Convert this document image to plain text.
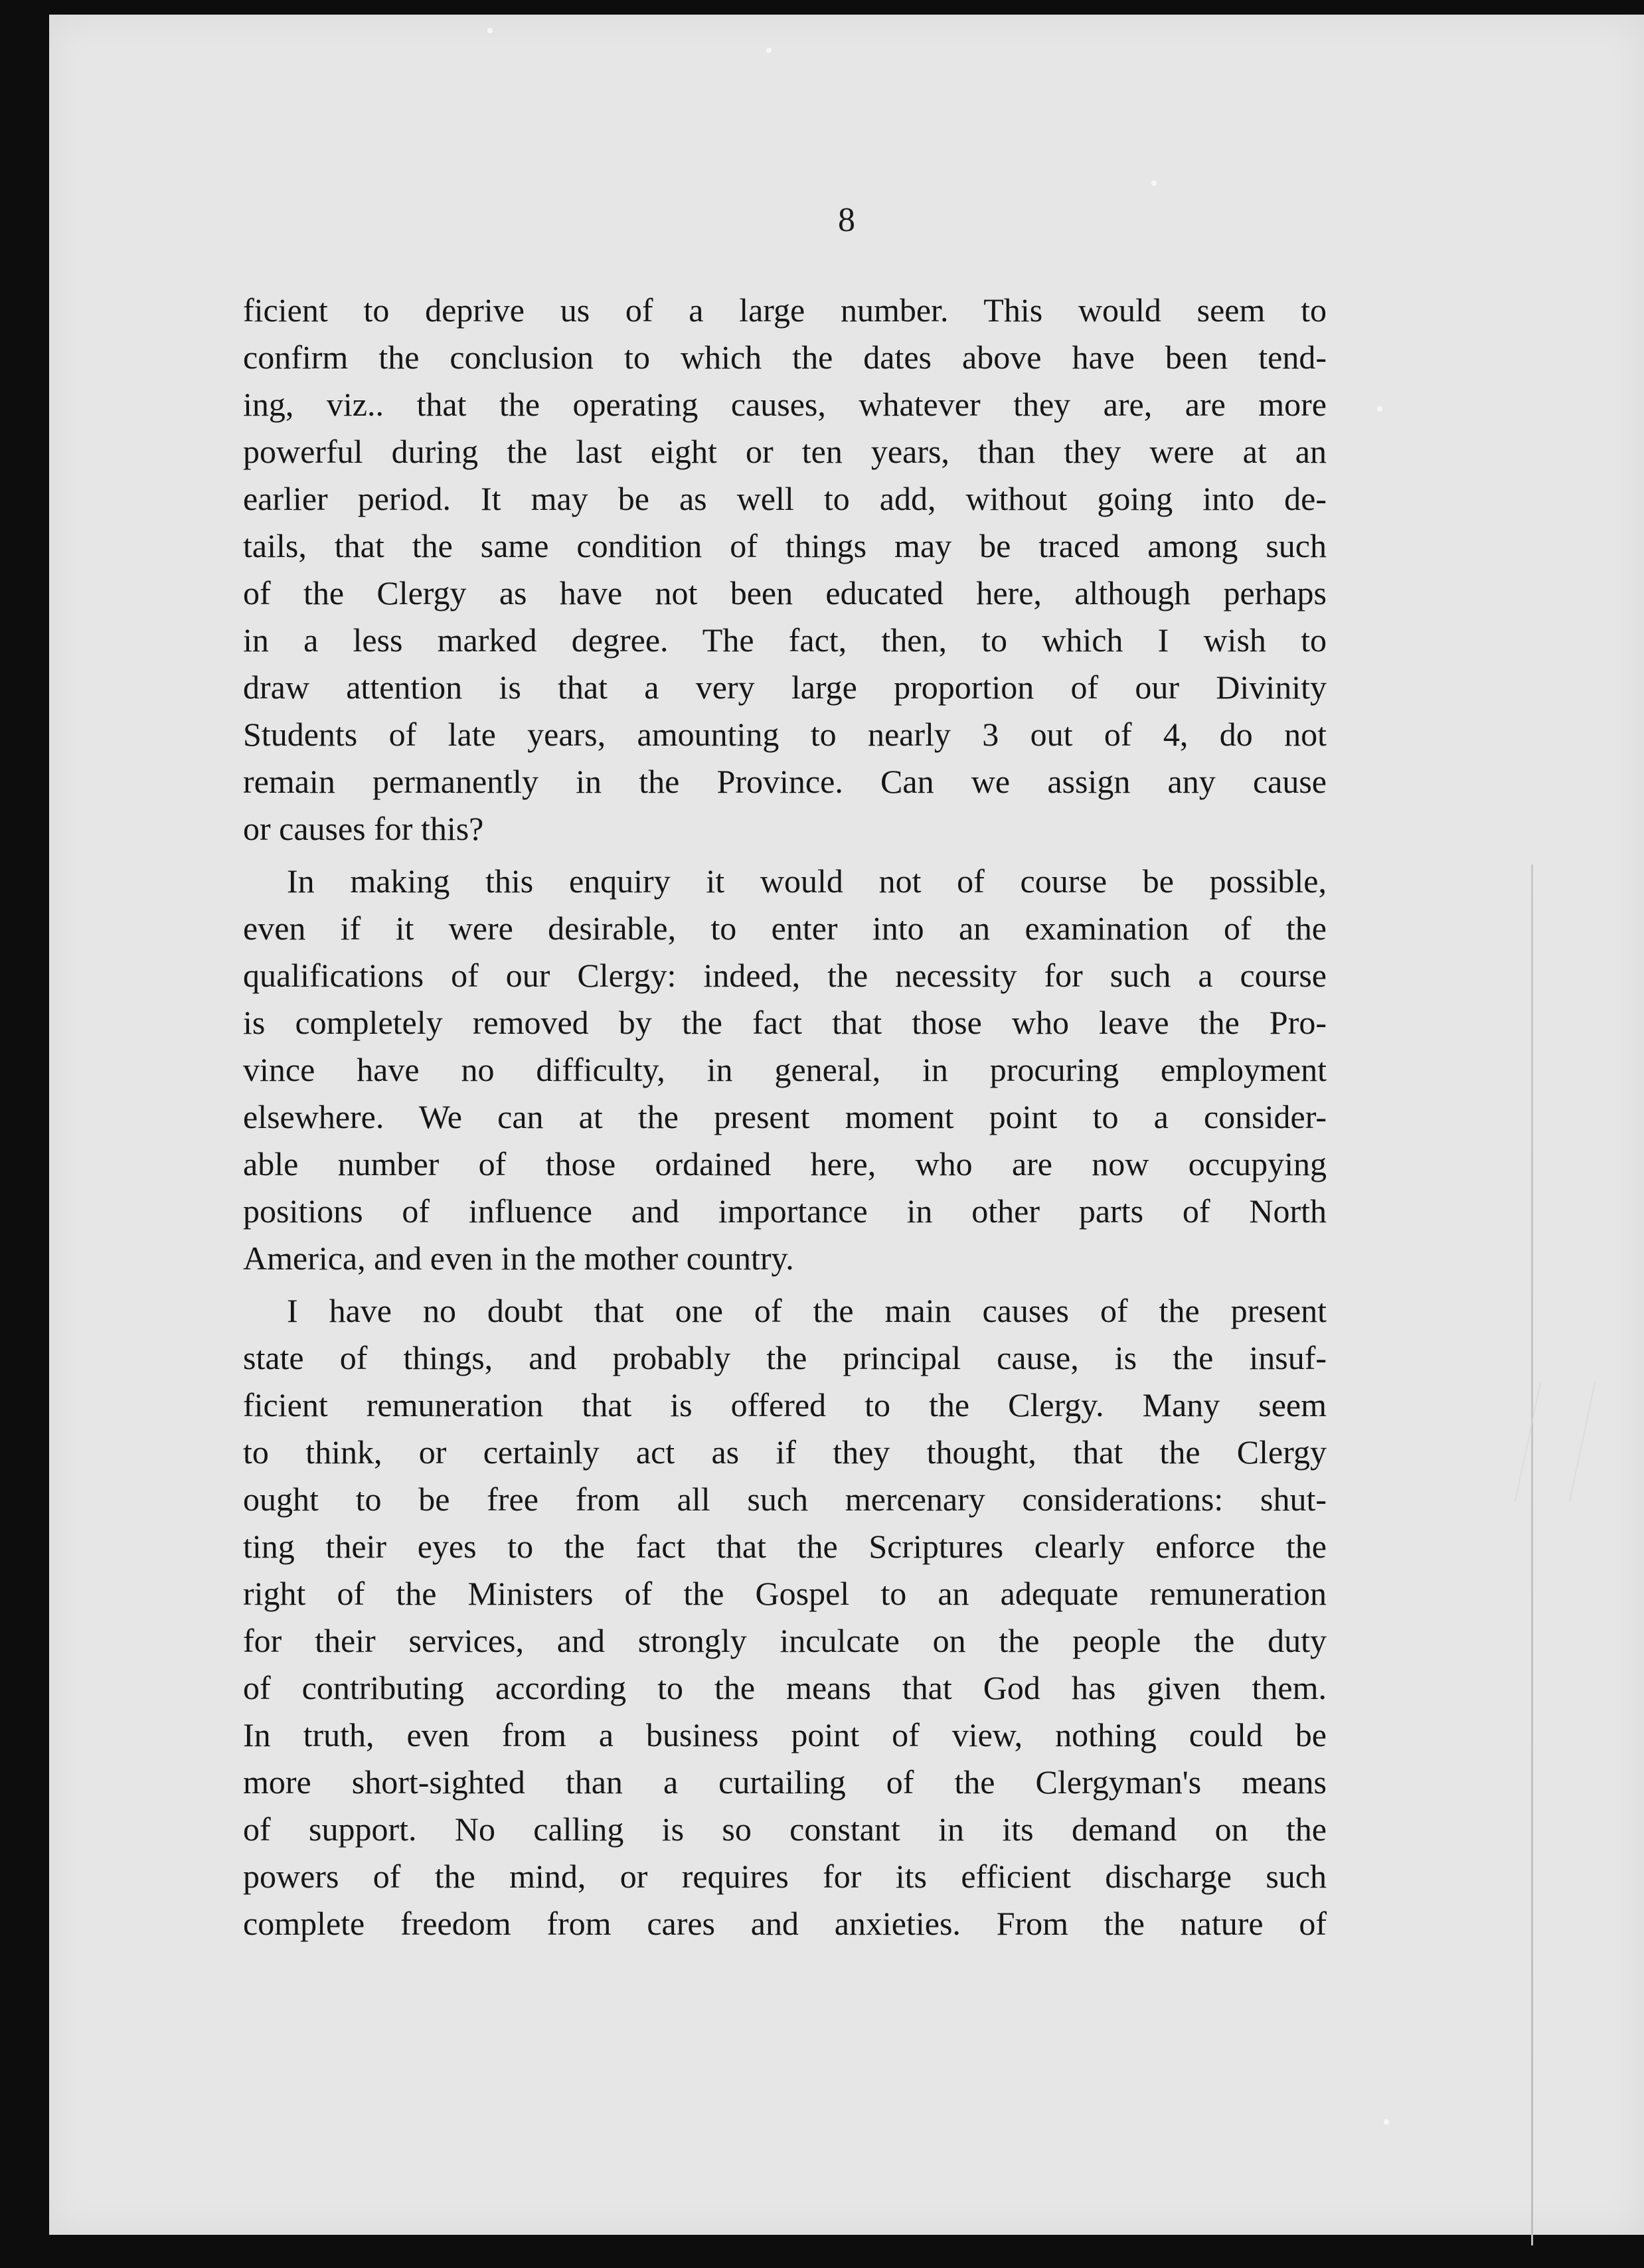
8
ficient to deprive us of a large number. This would seem to
confirm the conclusion to which the dates above have been tend-
ing, viz.. that the operating causes, whatever they are, are more
powerful during the last eight or ten years, than they were at an
earlier period. It may be as well to add, without going into de-
tails, that the same condition of things may be traced among such
of the Clergy as have not been educated here, although perhaps
in a less marked degree. The fact, then, to which I wish to
draw attention is that a very large proportion of our Divinity
Students of late years, amounting to nearly 3 out of 4, do not
remain permanently in the Province. Can we assign any cause
or causes for this?
In making this enquiry it would not of course be possible,
even if it were desirable, to enter into an examination of the
qualifications of our Clergy: indeed, the necessity for such a course
is completely removed by the fact that those who leave the Pro-
vince have no difficulty, in general, in procuring employment
elsewhere. We can at the present moment point to a consider-
able number of those ordained here, who are now occupying
positions of influence and importance in other parts of North
America, and even in the mother country.
I have no doubt that one of the main causes of the present
state of things, and probably the principal cause, is the insuf-
ficient remuneration that is offered to the Clergy. Many seem
to think, or certainly act as if they thought, that the Clergy
ought to be free from all such mercenary considerations: shut-
ting their eyes to the fact that the Scriptures clearly enforce the
right of the Ministers of the Gospel to an adequate remuneration
for their services, and strongly inculcate on the people the duty
of contributing according to the means that God has given them.
In truth, even from a business point of view, nothing could be
more short-sighted than a curtailing of the Clergyman's means
of support. No calling is so constant in its demand on the
powers of the mind, or requires for its efficient discharge such
complete freedom from cares and anxieties. From the nature of
